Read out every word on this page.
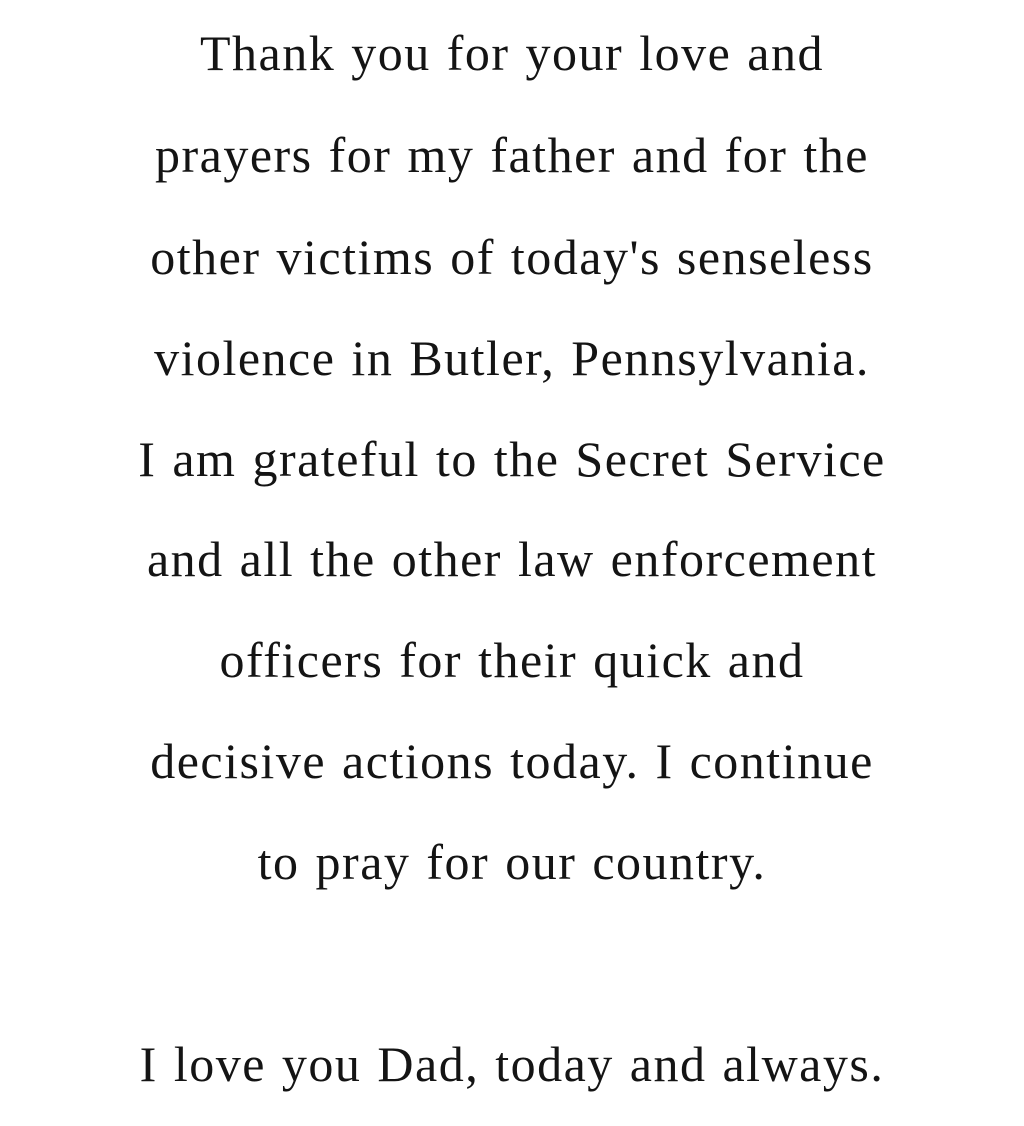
Thank you for your love and
prayers for my father and for the
other victims of today's senseless
violence in Butler, Pennsylvania.
I am grateful to the Secret Service
and all the other law enforcement
officers for their quick and
decisive actions today. I continue
to pray for our country.
I love you Dad, today and always.
